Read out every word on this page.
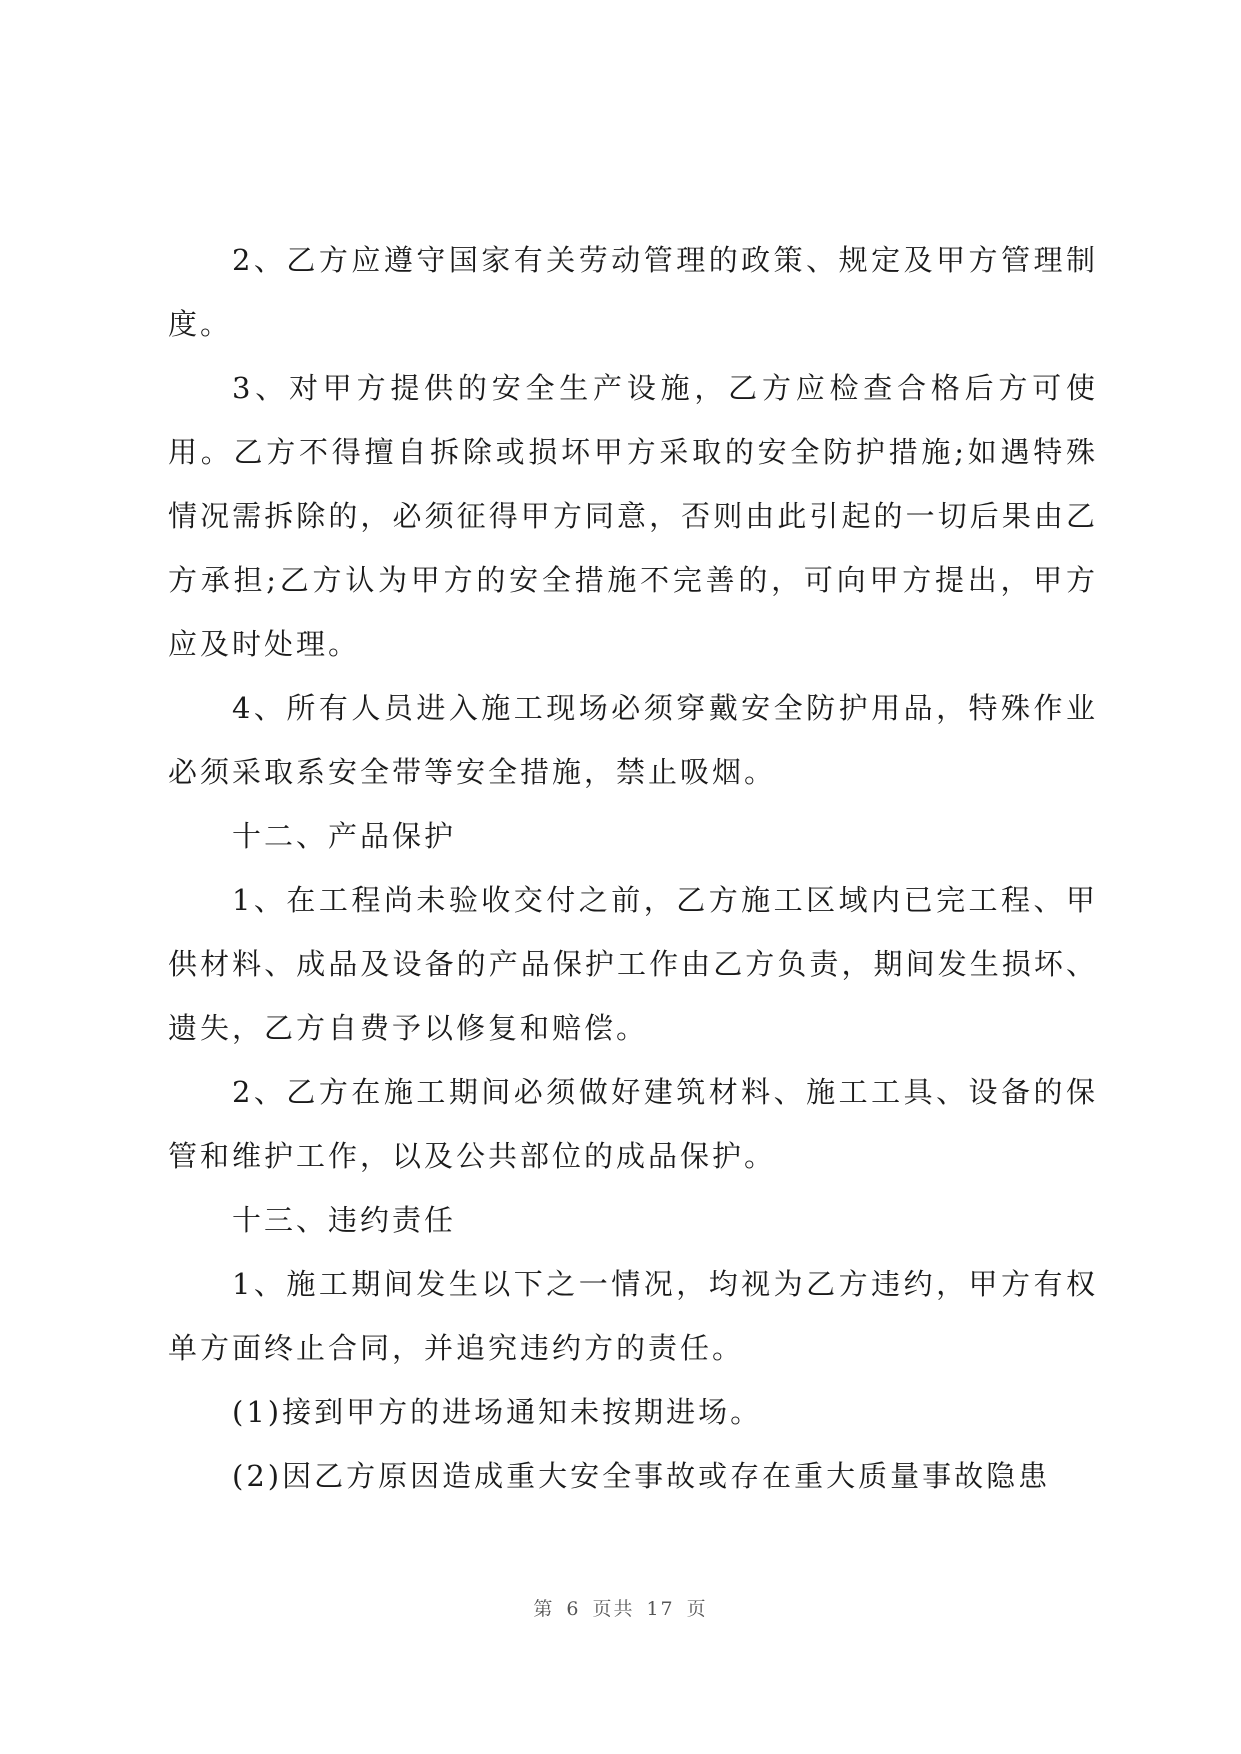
2、乙方应遵守国家有关劳动管理的政策、规定及甲方管理制度。

3、对甲方提供的安全生产设施，乙方应检查合格后方可使用。乙方不得擅自拆除或损坏甲方采取的安全防护措施;如遇特殊情况需拆除的，必须征得甲方同意，否则由此引起的一切后果由乙方承担;乙方认为甲方的安全措施不完善的，可向甲方提出，甲方应及时处理。

4、所有人员进入施工现场必须穿戴安全防护用品，特殊作业必须采取系安全带等安全措施，禁止吸烟。

十二、产品保护

1、在工程尚未验收交付之前，乙方施工区域内已完工程、甲供材料、成品及设备的产品保护工作由乙方负责，期间发生损坏、遗失，乙方自费予以修复和赔偿。

2、乙方在施工期间必须做好建筑材料、施工工具、设备的保管和维护工作，以及公共部位的成品保护。

十三、违约责任

1、施工期间发生以下之一情况，均视为乙方违约，甲方有权单方面终止合同，并追究违约方的责任。

(1)接到甲方的进场通知未按期进场。

(2)因乙方原因造成重大安全事故或存在重大质量事故隐患

第 6 页共 17 页
